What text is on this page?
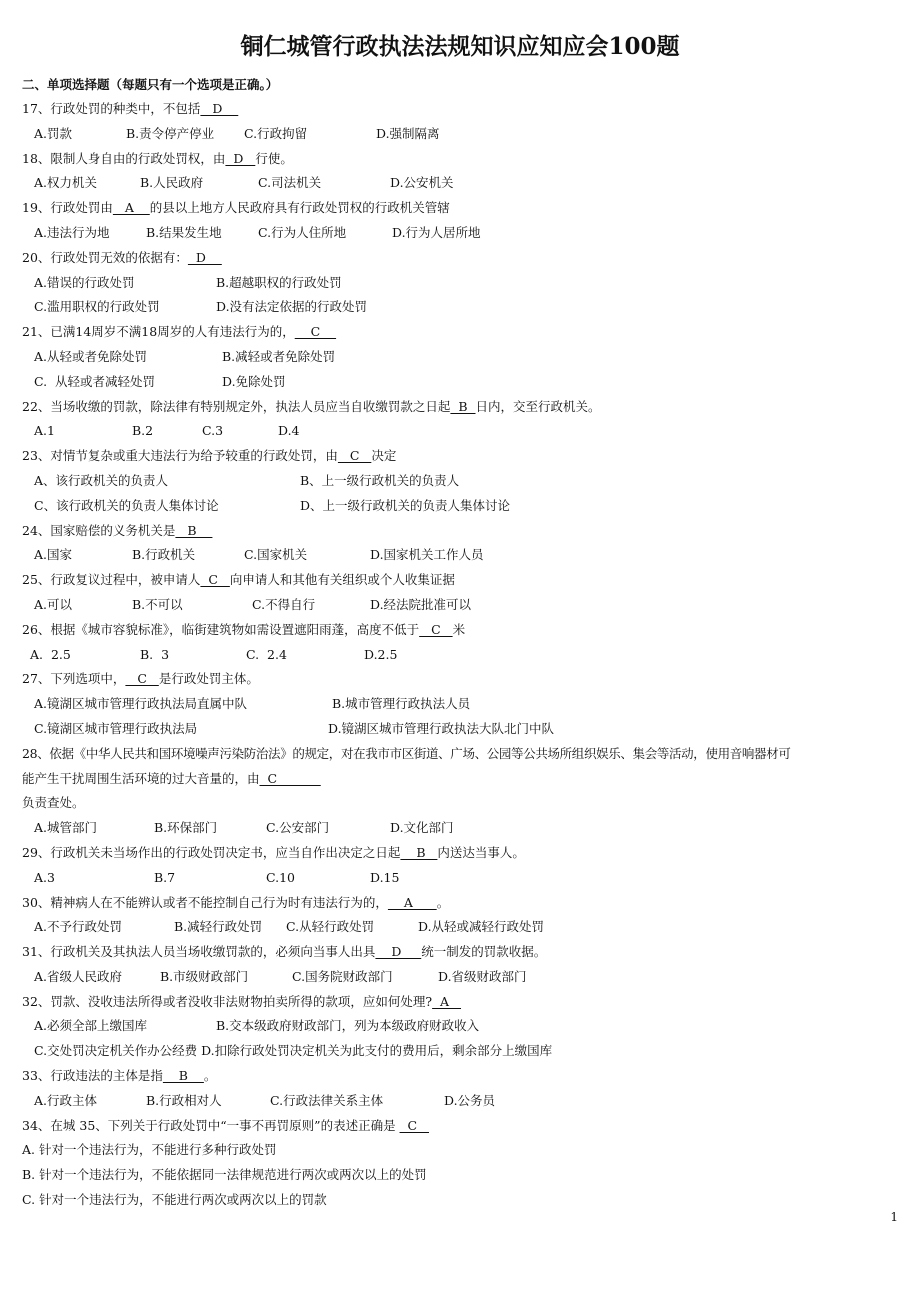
铜仁城管行政执法法规知识应知应会100题
二、单项选择题（每题只有一个选项是正确。）
17、行政处罚的种类中，不包括   D
A.罚款	B.责令停产停业 C.行政拘留	D.强制隔离
18、限制人身自由的行政处罚权，由  D   行使。
A.权力机关	B.人民政府	C.司法机关	D.公安机关
19、行政处罚由   A    的县以上地方人民政府具有行政处罚权的行政机关管辖
A.违法行为地	B.结果发生地	C.行为人住所地	D.行为人居所地
20、行政处罚无效的依据有：  D
A.错误的行政处罚	B.超越职权的行政处罚
C.滥用职权的行政处罚	D.没有法定依据的行政处罚
21、已满14周岁不满18周岁的人有违法行为的，    C
A.从轻或者免除处罚	B.减轻或者免除处罚
C.  从轻或者减轻处罚	D.免除处罚
22、当场收缴的罚款，除法律有特别规定外，执法人员应当自收缴罚款之日起  B  日内，交至行政机关。
A.1	B.2	C.3	D.4
23、对情节复杂或重大违法行为给予较重的行政处罚，由   C   决定
A、该行政机关的负责人	B、上一级行政机关的负责人
C、该行政机关的负责人集体讨论	D、上一级行政机关的负责人集体讨论
24、国家赔偿的义务机关是   B
A.国家	B.行政机关	C.国家机关	D.国家机关工作人员
25、行政复议过程中，被申请人  C   向申请人和其他有关组织或个人收集证据
A.可以	B.不可以	C.不得自行	D.经法院批准可以
26、根据《城市容貌标准》，临街建筑物如需设置遮阳雨蓬，高度不低于   C   米
A.  2.5	B.  3	C.  2.4	D.2.5
27、下列选项中，   C   是行政处罚主体。
A.镜湖区城市管理行政执法局直属中队	B.城市管理行政执法人员
C.镜湖区城市管理行政执法局	D.镜湖区城市管理行政执法大队北门中队
28、依据《中华人民共和国环境噪声污染防治法》的规定，对在我市市区街道、广场、公园等公共场所组织娱乐、集会等活动，使用音响器材可
能产生干扰周围生活环境的过大音量的，由  C
负责查处。
A.城管部门	B.环保部门	C.公安部门	D.文化部门
29、行政机关未当场作出的行政处罚决定书，应当自作出决定之日起    B   内送达当事人。
A.3	B.7	C.10	D.15
30、精神病人在不能辨认或者不能控制自己行为时有违法行为的，    A      。
A.不予行政处罚	B.减轻行政处罚 C.从轻行政处罚	D.从轻或减轻行政处罚
31、行政机关及其执法人员当场收缴罚款的，必须向当事人出具    D     统一制发的罚款收据。
A.省级人民政府	B.市级财政部门	C.国务院财政部门	D.省级财政部门
32、罚款、没收违法所得或者没收非法财物拍卖所得的款项，应如何处理?  A
A.必须全部上缴国库	B.交本级政府财政部门，列为本级政府财政收入
C.交处罚决定机关作办公经费 D.扣除行政处罚决定机关为此支付的费用后，剩余部分上缴国库
33、行政违法的主体是指    B    。
A.行政主体	B.行政相对人	C.行政法律关系主体	D.公务员
34、在城 35、下列关于行政处罚中“一事不再罚原则”的表述正确是   C
A. 针对一个违法行为，不能进行多种行政处罚
B. 针对一个违法行为，不能依据同一法律规范进行两次或两次以上的处罚
C. 针对一个违法行为，不能进行两次或两次以上的罚款
1
